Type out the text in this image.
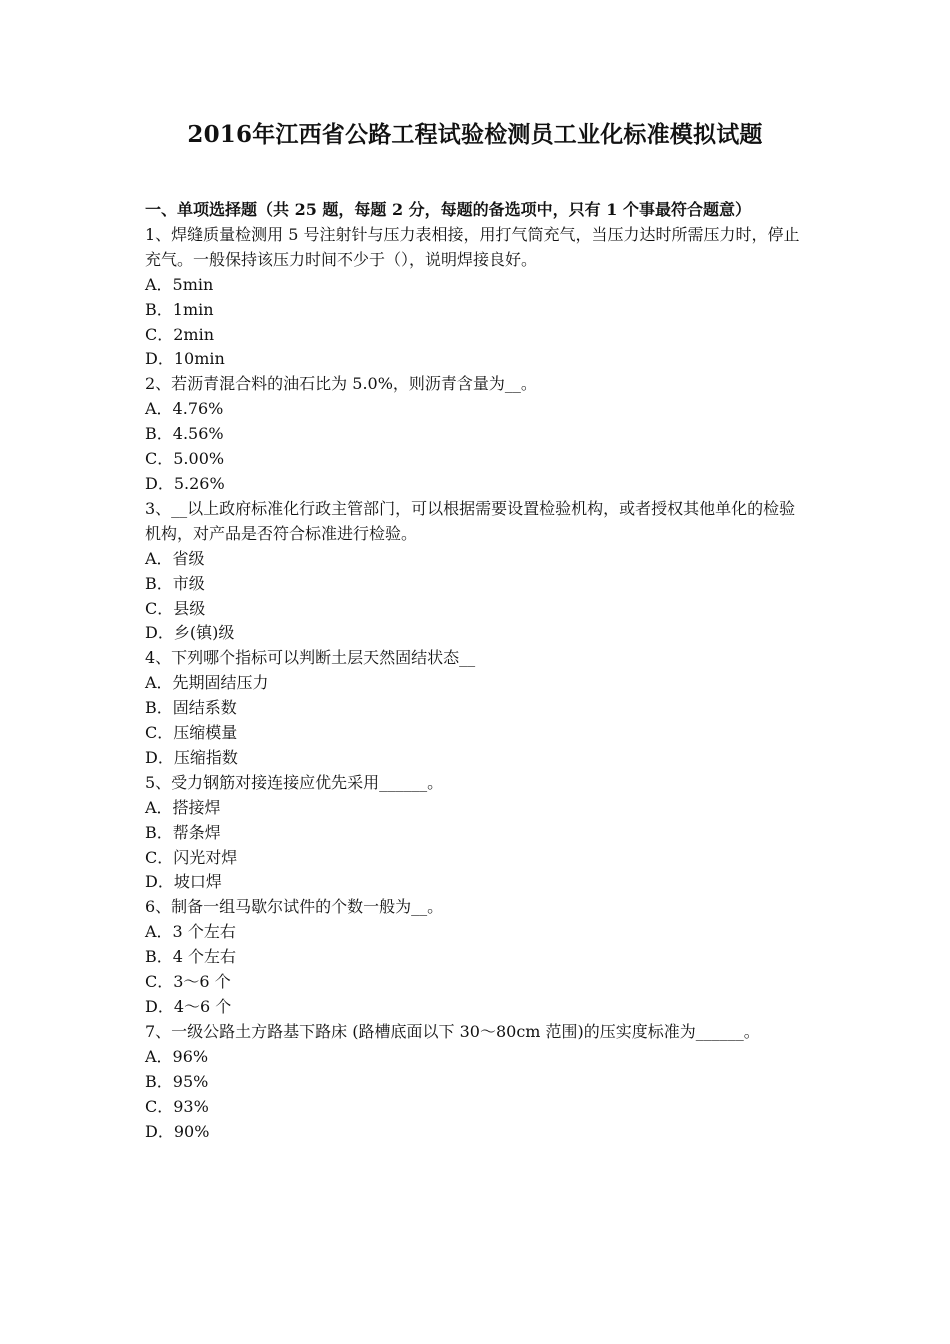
2016年江西省公路工程试验检测员工业化标准模拟试题

一、单项选择题（共 25 题，每题 2 分，每题的备选项中，只有 1 个事最符合题意）

1、焊缝质量检测用 5 号注射针与压力表相接，用打气筒充气，当压力达时所需压力时，停止充气。一般保持该压力时间不少于（），说明焊接良好。

A．5min

B．1min

C．2min

D．10min

2、若沥青混合料的油石比为 5.0%，则沥青含量为__。

A．4.76%

B．4.56%

C．5.00%

D．5.26%

3、__以上政府标准化行政主管部门，可以根据需要设置检验机构，或者授权其他单化的检验机构，对产品是否符合标准进行检验。

A．省级

B．市级

C．县级

D．乡(镇)级

4、下列哪个指标可以判断土层天然固结状态__

A．先期固结压力

B．固结系数

C．压缩模量

D．压缩指数

5、受力钢筋对接连接应优先采用______。

A．搭接焊

B．帮条焊

C．闪光对焊

D．坡口焊

6、制备一组马歇尔试件的个数一般为__。

A．3 个左右

B．4 个左右

C．3～6 个

D．4～6 个

7、一级公路土方路基下路床 (路槽底面以下 30～80cm 范围)的压实度标准为______。

A．96%

B．95%

C．93%

D．90%
